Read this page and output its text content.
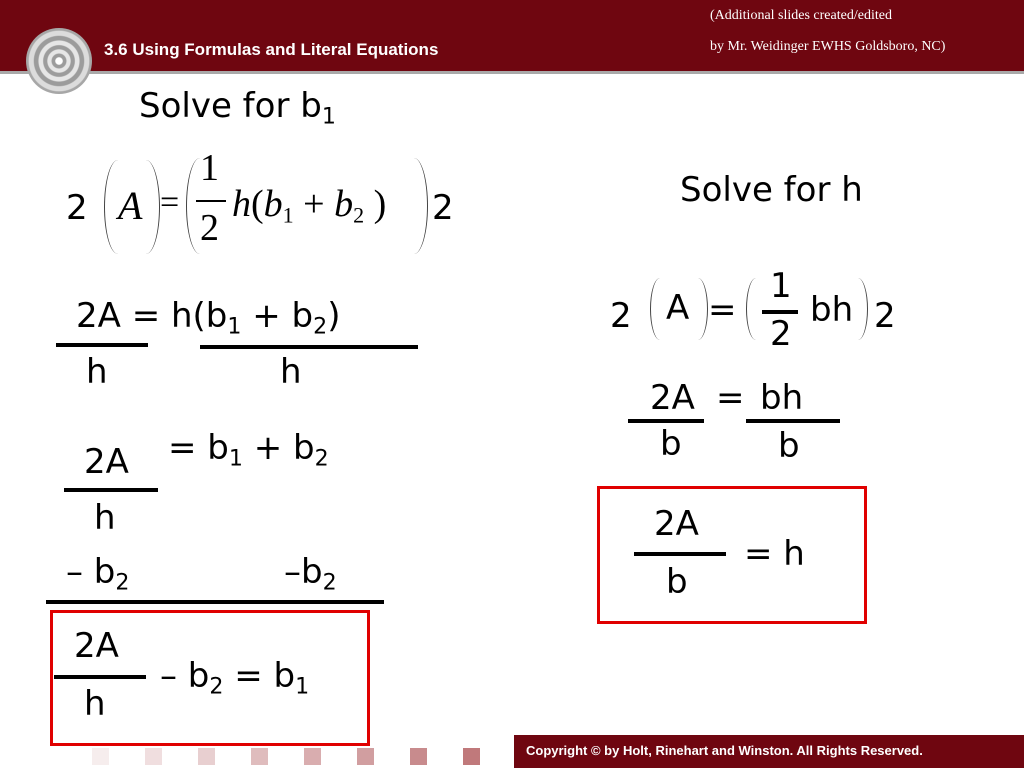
3.6 Using Formulas and Literal Equations
(Additional slides created/edited
by Mr. Weidinger EWHS Goldsboro, NC)
Solve for $b_1$
2 A =
1
2
$h(b_1 + b_2$ ) 2
$2A = h(b_1 + b_2)$
h	h
= $b_1 + b_2$
2A
h
– $b_2$	$-b_2$
2A
h
– $b_2 = b_1$
Solve for h
2 A =
1
2
bh 2
2A = bh
b	b
2A
b
= h
Copyright © by Holt, Rinehart and Winston. All Rights Reserved.
